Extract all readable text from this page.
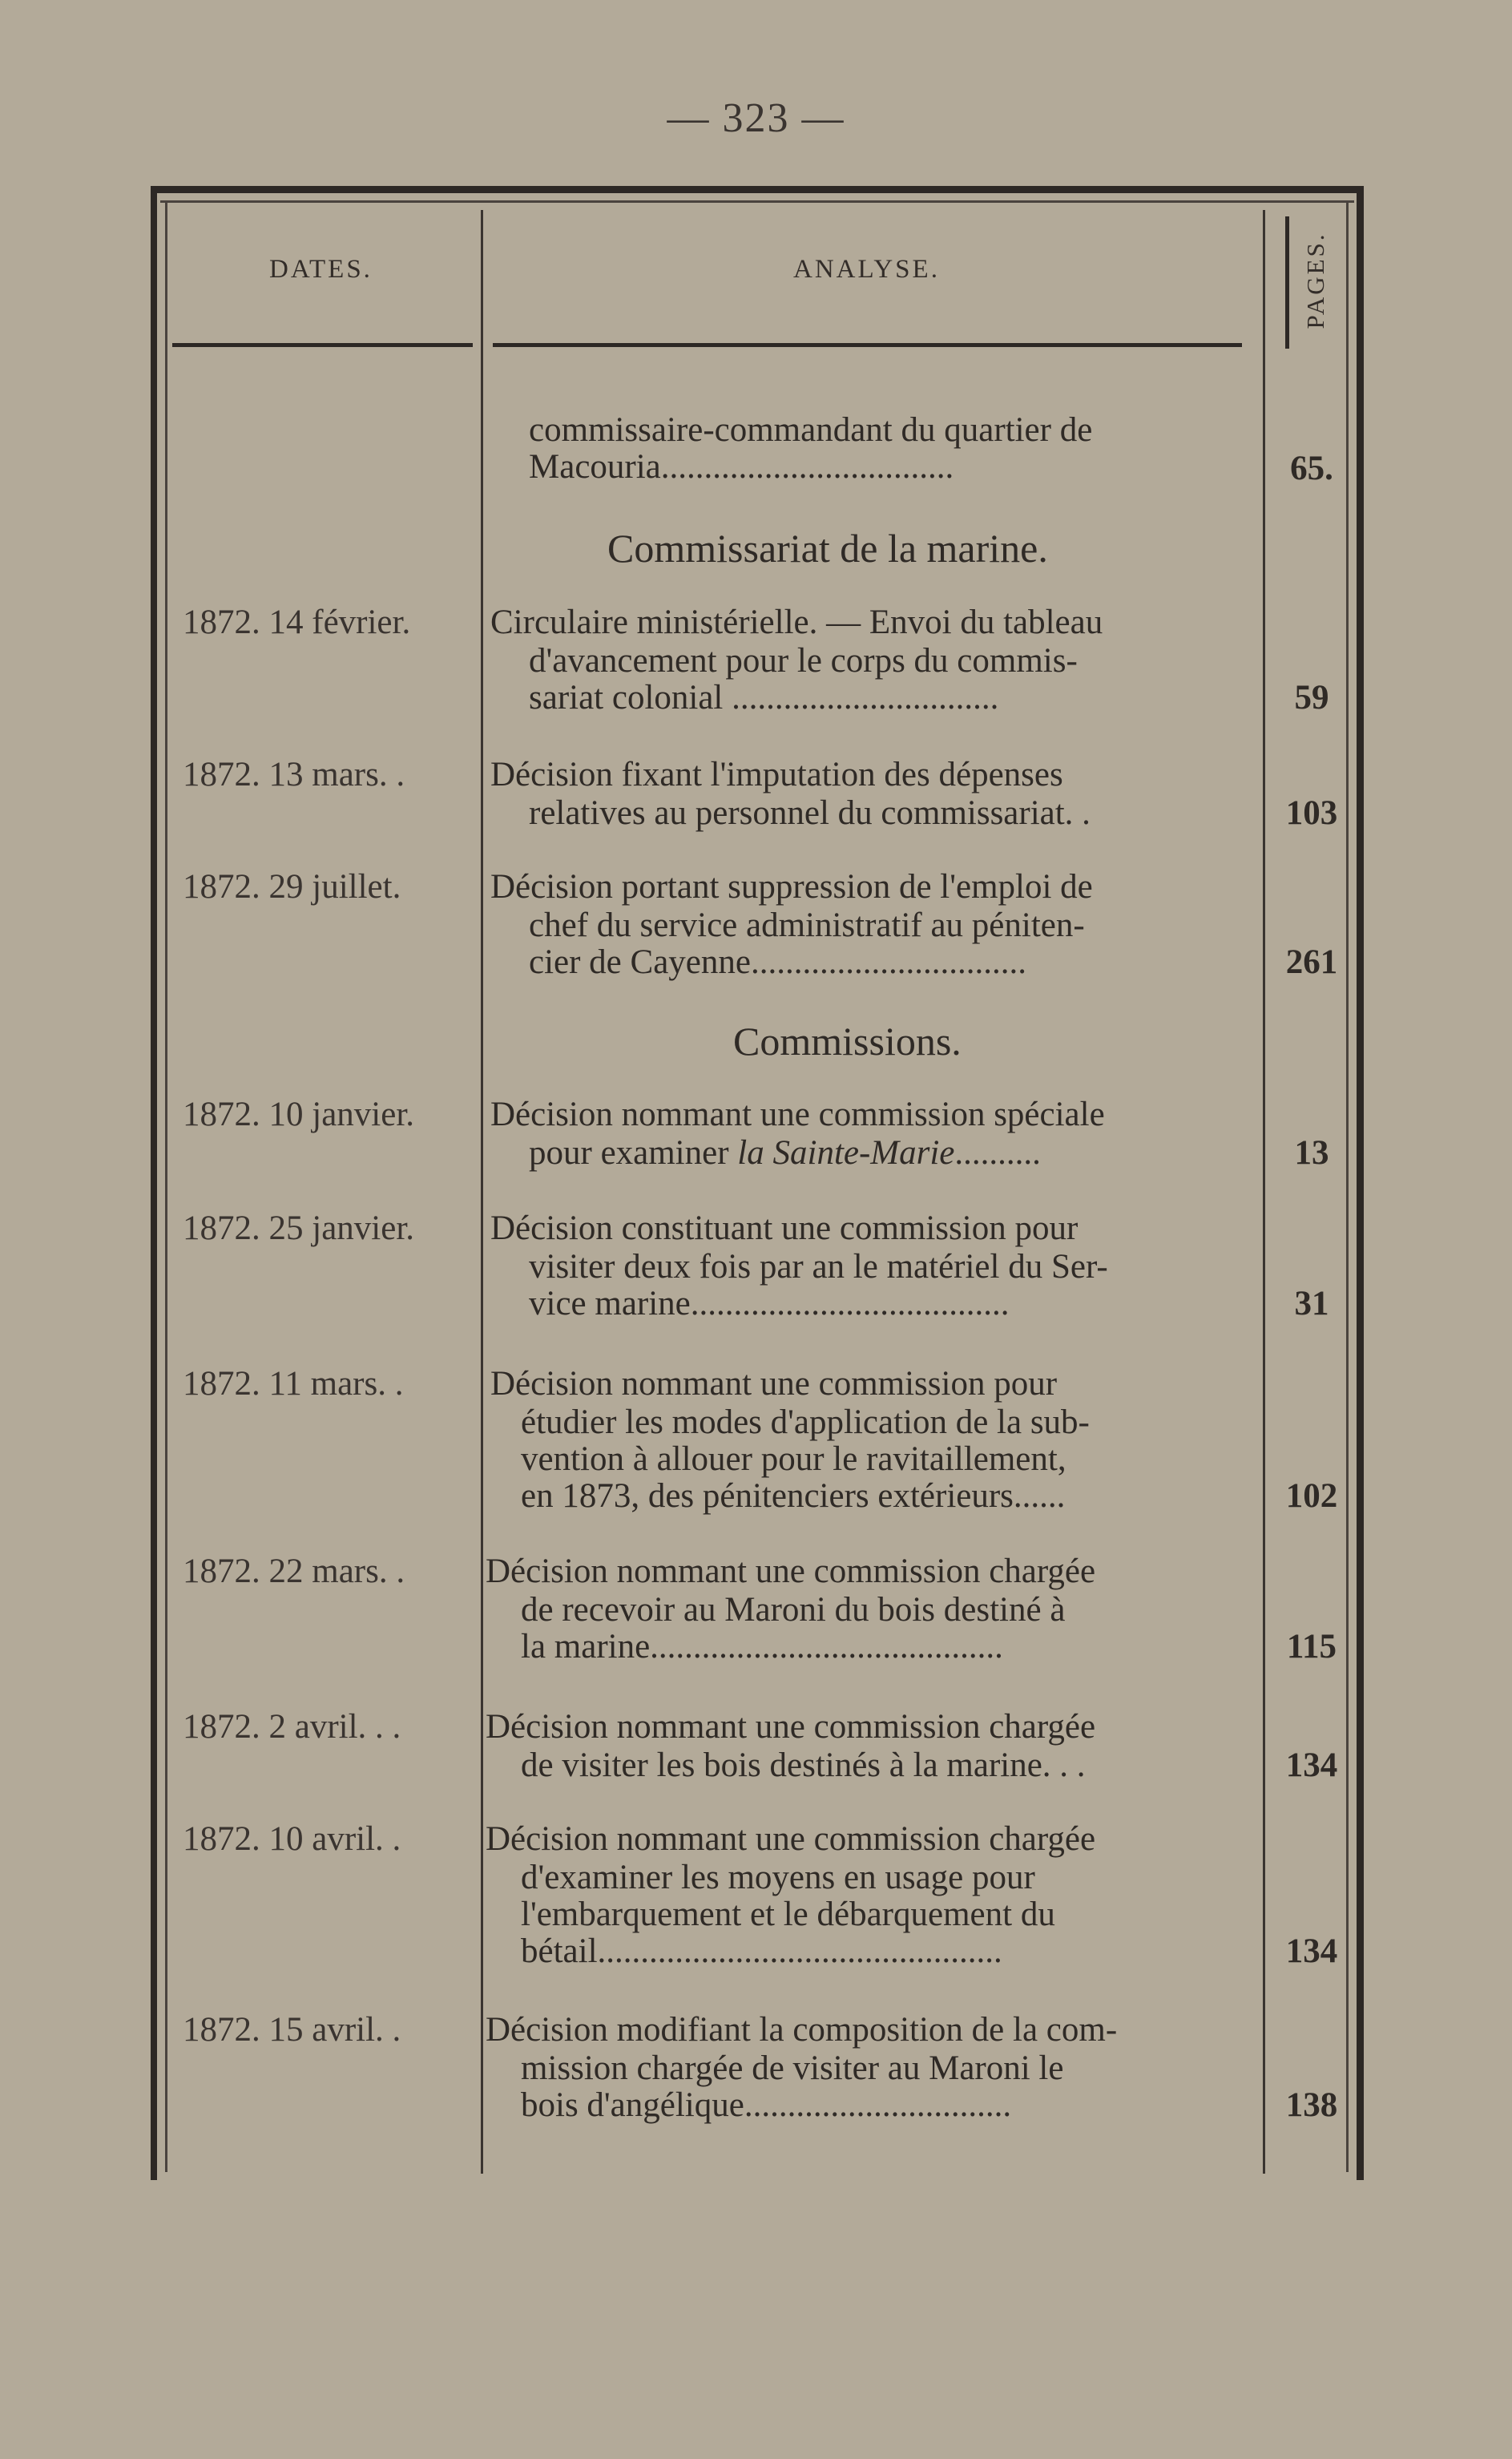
— 323 —
DATES.	ANALYSE.	PAGES.
commissaire-commandant du quartier de
Macouria..................................	65.
Commissariat de la marine.
1872. 14 février. Circulaire ministérielle. — Envoi du tableau
d'avancement pour le corps du commis-
sariat colonial ...............................	59
1872. 13 mars. . Décision fixant l'imputation des dépenses
relatives au personnel du commissariat. .	103
1872. 29 juillet.	Décision portant suppression de l'emploi de
chef du service administratif au péniten-
cier de Cayenne................................	261
Commissions.
1872. 10 janvier. Décision nommant une commission spéciale
pour examiner la Sainte-Marie..........	13
1872. 25 janvier. Décision constituant une commission pour
visiter deux fois par an le matériel du Ser-
vice marine.....................................	31
1872. 11 mars. .	Décision nommant une commission pour
étudier les modes d'application de la sub-
vention à allouer pour le ravitaillement,
en 1873, des pénitenciers extérieurs......	102
1872. 22 mars. . Décision nommant une commission chargée
de recevoir au Maroni du bois destiné à
la marine.........................................	115
1872. 2 avril. . . Décision nommant une commission chargée
de visiter les bois destinés à la marine. . .	134
1872. 10 avril. . Décision nommant une commission chargée
d'examiner les moyens en usage pour
l'embarquement et le débarquement du
bétail...............................................	134
1872. 15 avril. . Décision modifiant la composition de la com-
mission chargée de visiter au Maroni le
bois d'angélique...............................	138
